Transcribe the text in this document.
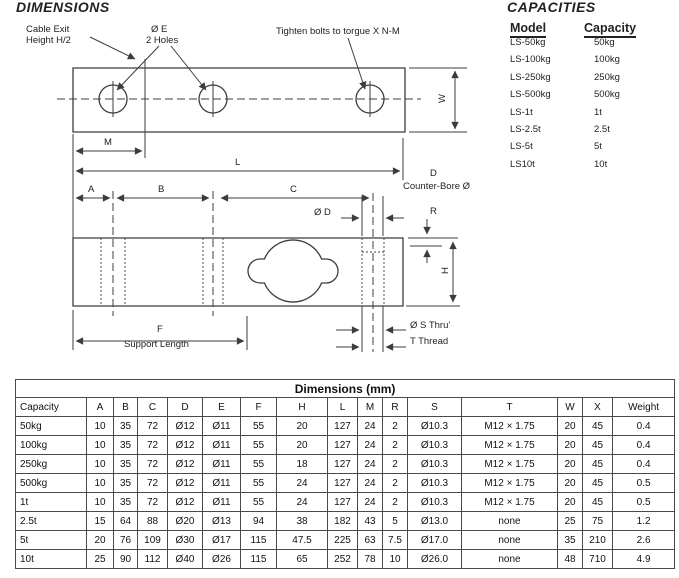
DIMENSIONS
Cable Exit
Height H/2
Ø E
2 Holes
Tighten bolts to torgue X N-M
W
M
L
A	B	C
Ø D
D
Counter-Bore Ø
R
H
F
Support Length
Ø S Thru'
T Thread
CAPACITIES
Model	Capacity
LS-50kg	50kg
LS-100kg	100kg
LS-250kg	250kg
LS-500kg	500kg
LS-1t	1t
LS-2.5t	2.5t
LS-5t	5t
LS10t	10t
Dimensions (mm)															
Capacity	A	B	C	D	E	F	H	L	M	R	S	T	W	X	Weight
50kg	10	35	72	Ø12	Ø11	55	20	127	24	2	Ø10.3	M12 × 1.75	20	45	0.4
100kg	10	35	72	Ø12	Ø11	55	20	127	24	2	Ø10.3	M12 × 1.75	20	45	0.4
250kg	10	35	72	Ø12	Ø11	55	18	127	24	2	Ø10.3	M12 × 1.75	20	45	0.4
500kg	10	35	72	Ø12	Ø11	55	24	127	24	2	Ø10.3	M12 × 1.75	20	45	0.5
1t	10	35	72	Ø12	Ø11	55	24	127	24	2	Ø10.3	M12 × 1.75	20	45	0.5
2.5t	15	64	88	Ø20	Ø13	94	38	182	43	5	Ø13.0	none	25	75	1.2
5t	20	76	109	Ø30	Ø17	115	47.5	225	63	7.5	Ø17.0	none	35	210	2.6
10t	25	90	112	Ø40	Ø26	115	65	252	78	10	Ø26.0	none	48	710	4.9
